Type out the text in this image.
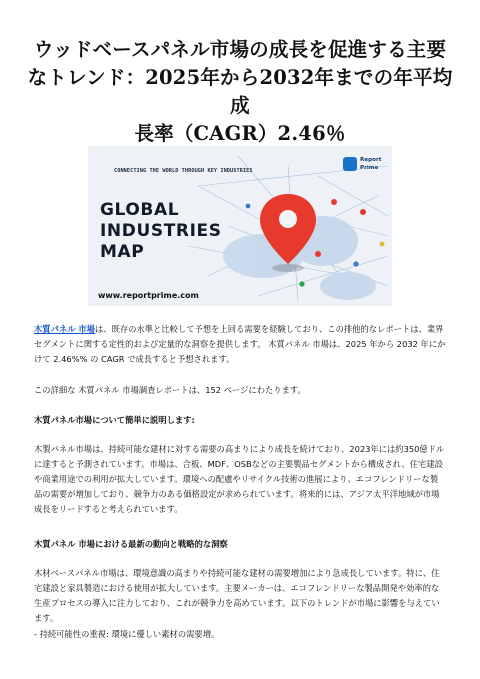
ウッドベースパネル市場の成長を促進する主要
なトレンド：2025年から2032年までの年平均成
長率（CAGR）2.46％
CONNECTING THE WORLD THROUGH KEY INDUSTRIES
GLOBAL
INDUSTRIES
MAP
www.reportprime.com
Report
Prime

木質パネル 市場は、既存の水準と比較して予想を上回る需要を経験しており、この排他的なレポートは、業界セグメントに関する定性的および定量的な洞察を提供します。 木質パネル 市場は、2025 年から 2032 年にかけて 2.46%% の CAGR で成長すると予想されます。

この詳細な 木質パネル 市場調査レポートは、152 ページにわたります。

木質パネル市場について簡単に説明します:

木製パネル市場は、持続可能な建材に対する需要の高まりにより成長を続けており、2023年には約350億ドルに達すると予測されています。市場は、合板、MDF、OSBなどの主要製品セグメントから構成され、住宅建設や商業用途での利用が拡大しています。環境への配慮やリサイクル技術の進展により、エコフレンドリーな製品の需要が増加しており、競争力のある価格設定が求められています。将来的には、アジア太平洋地域が市場成長をリードすると考えられています。

木質パネル 市場における最新の動向と戦略的な洞察

木材ベースパネル市場は、環境意識の高まりや持続可能な建材の需要増加により急成長しています。特に、住宅建設と家具製造における使用が拡大しています。主要メーカーは、エコフレンドリーな製品開発や効率的な生産プロセスの導入に注力しており、これが競争力を高めています。以下のトレンドが市場に影響を与えています。

- 持続可能性の重視: 環境に優しい素材の需要増。
